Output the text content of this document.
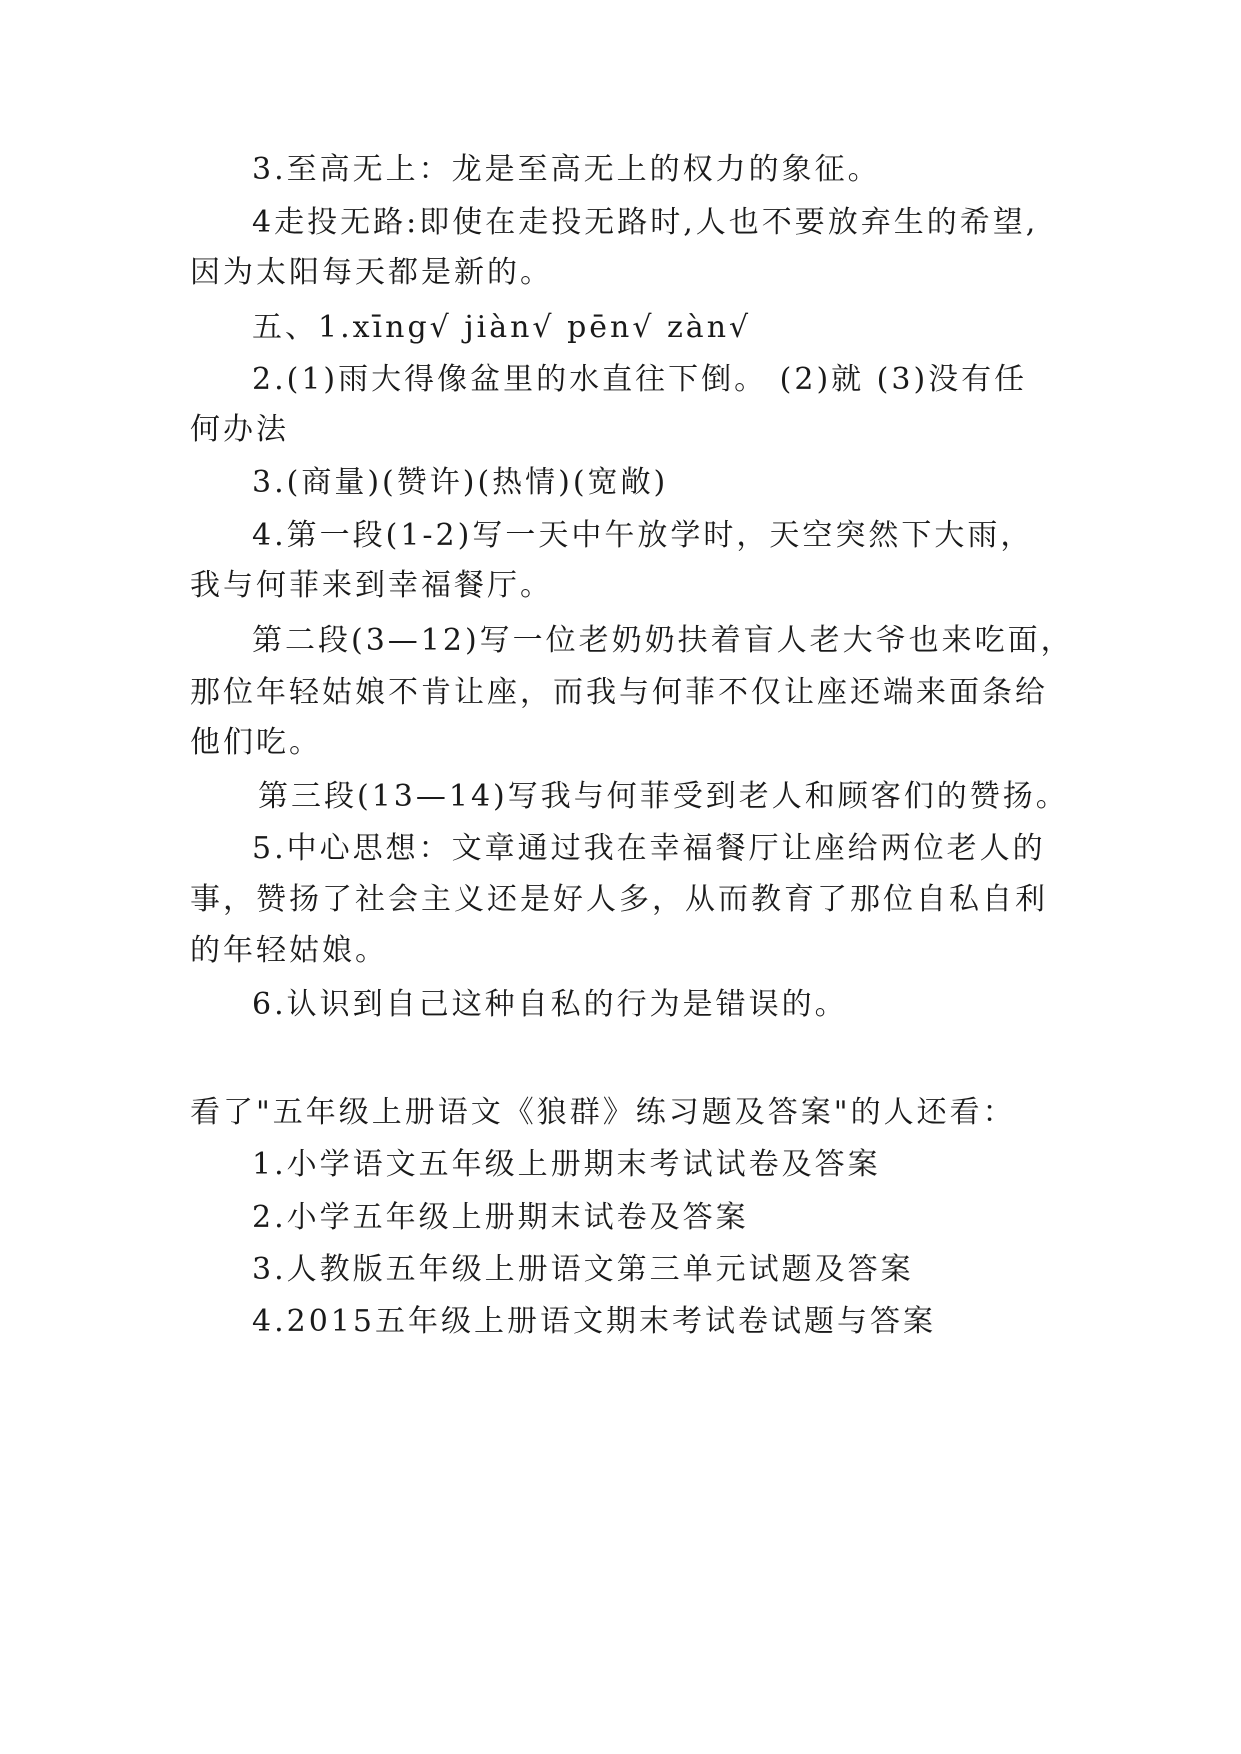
3.至高无上：龙是至高无上的权力的象征。
4走投无路:即使在走投无路时,人也不要放弃生的希望,
因为太阳每天都是新的。
五、1.xīng√ jiàn√ pēn√ zàn√
2.(1)雨大得像盆里的水直往下倒。 (2)就 (3)没有任
何办法
3.(商量)(赞许)(热情)(宽敞)
4.第一段(1-2)写一天中午放学时，天空突然下大雨，
我与何菲来到幸福餐厅。
第二段(3—12)写一位老奶奶扶着盲人老大爷也来吃面，
那位年轻姑娘不肯让座，而我与何菲不仅让座还端来面条给
他们吃。
第三段(13—14)写我与何菲受到老人和顾客们的赞扬。
5.中心思想：文章通过我在幸福餐厅让座给两位老人的
事，赞扬了社会主义还是好人多，从而教育了那位自私自利
的年轻姑娘。
6.认识到自己这种自私的行为是错误的。
看了"五年级上册语文《狼群》练习题及答案"的人还看：
1.小学语文五年级上册期末考试试卷及答案
2.小学五年级上册期末试卷及答案
3.人教版五年级上册语文第三单元试题及答案
4.2015五年级上册语文期末考试卷试题与答案
